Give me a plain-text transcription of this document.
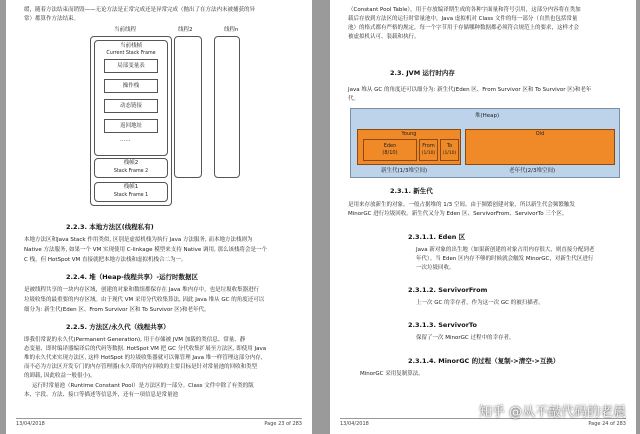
缓，随着方法结束而销毁——无论方法是正常完成还是异常完成（抛出了在方法内未被捕获的异
常）都算作方法结束。
当前线程	线程2	线程n
当前栈帧
Current Stack Frame
局部变量表
操作栈
动态链接
返回地址
......
栈帧2
Stack Frame 2
栈帧1
Stack Frame 1
2.2.3. 本地方法区(线程私有)
本地方法区和Java Stack 作用类似, 区别是虚拟机栈为执行 Java 方法服务, 而本地方法栈则为
Native 方法服务, 如果一个 VM 实现使用 C-linkage 模型来支持 Native 调用, 那么该栈将会是一个
C 栈，但 HotSpot VM 直接就把本地方法栈和虚拟机栈合二为一。
2.2.4. 堆（Heap-线程共享）-运行时数据区
是被线程共享的一块内存区域，创建的对象和数组都保存在 Java 堆内存中，也是垃圾收集器进行
垃圾收集的最重要的内存区域。由于现代 VM 采用分代收集算法, 因此 Java 堆从 GC 的角度还可以
细分为: 新生代(Eden 区、From Survivor 区和 To Survivor 区)和老年代。
2.2.5. 方法区/永久代（线程共享）
即我们常说的永久代(Permanent Generation), 用于存储被 JVM 加载的类信息、常量、静
态变量、即时编译器编译后的代码等数据. HotSpot VM 把 GC 分代收集扩展至方法区, 即使用 Java
堆的永久代来实现方法区, 这样 HotSpot 的垃圾收集器就可以像管理 Java 堆一样管理这部分内存,
而不必为方法区开发专门的内存管理器(永久带的内存回收的主要目标是针对常量池的回收和类型
的卸载, 因此收益一般很小)。
运行时常量池（Runtime Constant Pool）是方法区的一部分。Class 文件中除了有类的版
本、字段、方法、接口等描述等信息外，还有一项信息是常量池
13/04/2018	Page 23 of 283
（Constant Pool Table），用于存放编译期生成的各种字面量和符号引用，这部分内容将在类加
载后存放到方法区的运行时常量池中。Java 虚拟机对 Class 文件的每一部分（自然也包括常量
池）的格式都有严格的规定，每一个字节用于存储哪种数据都必须符合规范上的要求，这样才会
被虚拟机认可、装载和执行。
2.3. JVM 运行时内存
Java 堆从 GC 的角度还可以细分为: 新生代(Eden 区、From Survivor 区和 To Survivor 区)和老年
代。
堆(Heap)
Young
Eden
(8/10)
From
(1/10)
To
(1/10)
Old
新生代(1/3堆空间)	老年代(2/3堆空间)
2.3.1. 新生代
是用来存放新生的对象。一般占据堆的 1/3 空间。由于频繁创建对象，所以新生代会频繁触发
MinorGC 进行垃圾回收。新生代又分为 Eden 区、ServivorFrom、ServivorTo 三个区。
2.3.1.1. Eden 区
Java 新对象的出生地（如果新创建的对象占用内存很大，则直接分配到老
年代）。当 Eden 区内存不够的时候就会触发 MinorGC，对新生代区进行
一次垃圾回收。
2.3.1.2. ServivorFrom
上一次 GC 的幸存者，作为这一次 GC 的被扫描者。
2.3.1.3. ServivorTo
保留了一次 MinorGC 过程中的幸存者。
2.3.1.4. MinorGC 的过程（复制->清空->互换）
MinorGC 采用复制算法。
13/04/2018	Page 24 of 283
知乎 @从不敲代码的老晨
